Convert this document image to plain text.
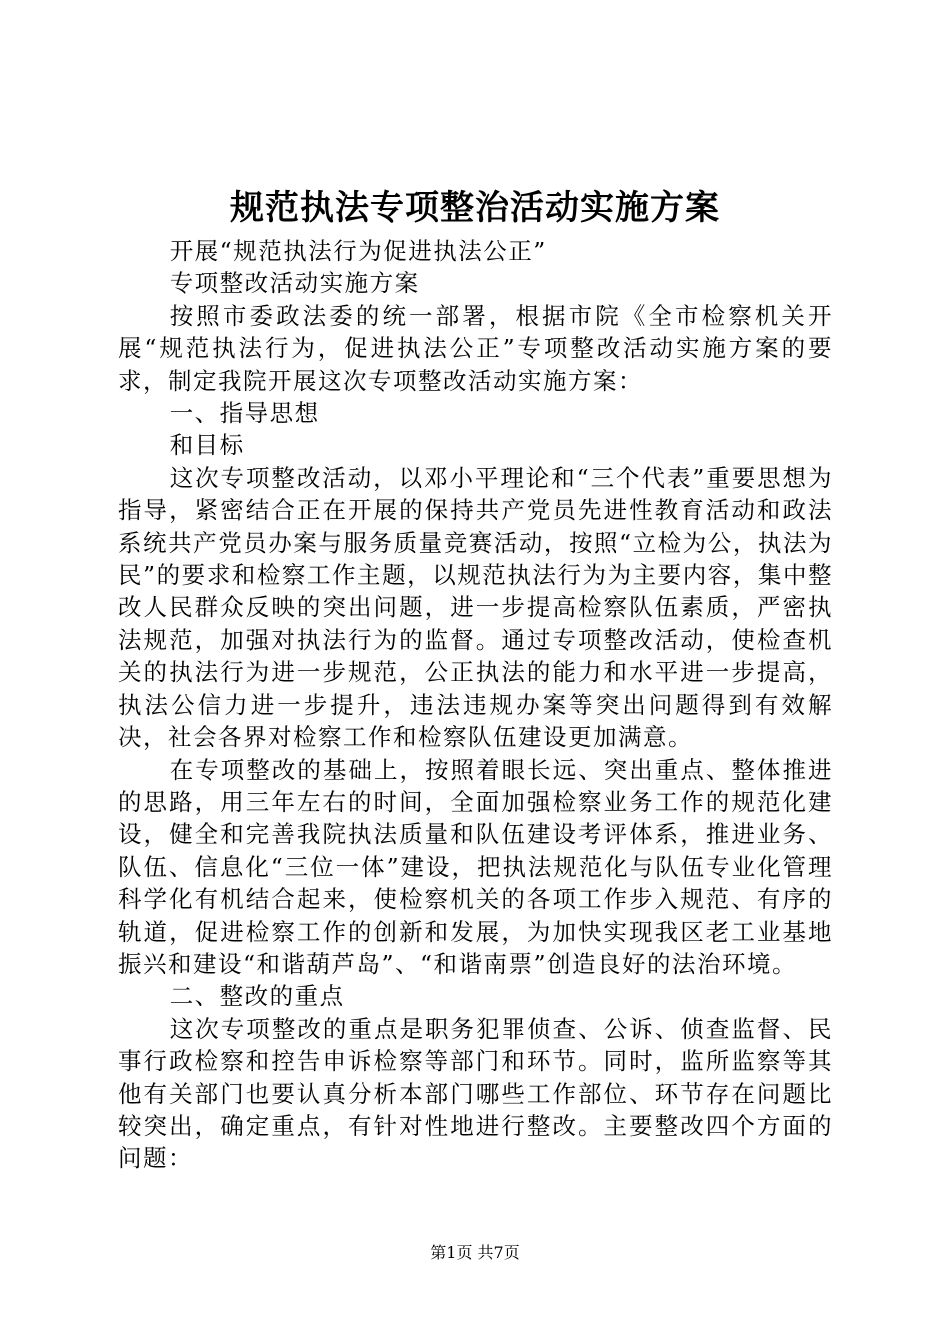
规范执法专项整治活动实施方案

开展“规范执法行为促进执法公正”

专项整改活动实施方案

按照市委政法委的统一部署，根据市院《全市检察机关开展“规范执法行为，促进执法公正”专项整改活动实施方案的要求，制定我院开展这次专项整改活动实施方案：

一、指导思想

和目标

这次专项整改活动，以邓小平理论和“三个代表”重要思想为指导，紧密结合正在开展的保持共产党员先进性教育活动和政法系统共产党员办案与服务质量竞赛活动，按照“立检为公，执法为民”的要求和检察工作主题，以规范执法行为为主要内容，集中整改人民群众反映的突出问题，进一步提高检察队伍素质，严密执法规范，加强对执法行为的监督。通过专项整改活动，使检查机关的执法行为进一步规范，公正执法的能力和水平进一步提高，执法公信力进一步提升，违法违规办案等突出问题得到有效解决，社会各界对检察工作和检察队伍建设更加满意。

在专项整改的基础上，按照着眼长远、突出重点、整体推进的思路，用三年左右的时间，全面加强检察业务工作的规范化建设，健全和完善我院执法质量和队伍建设考评体系，推进业务、队伍、信息化“三位一体”建设，把执法规范化与队伍专业化管理科学化有机结合起来，使检察机关的各项工作步入规范、有序的轨道，促进检察工作的创新和发展，为加快实现我区老工业基地振兴和建设“和谐葫芦岛”、“和谐南票”创造良好的法治环境。

二、整改的重点

这次专项整改的重点是职务犯罪侦查、公诉、侦查监督、民事行政检察和控告申诉检察等部门和环节。同时，监所监察等其他有关部门也要认真分析本部门哪些工作部位、环节存在问题比较突出，确定重点，有针对性地进行整改。主要整改四个方面的问题：

第1页 共7页
